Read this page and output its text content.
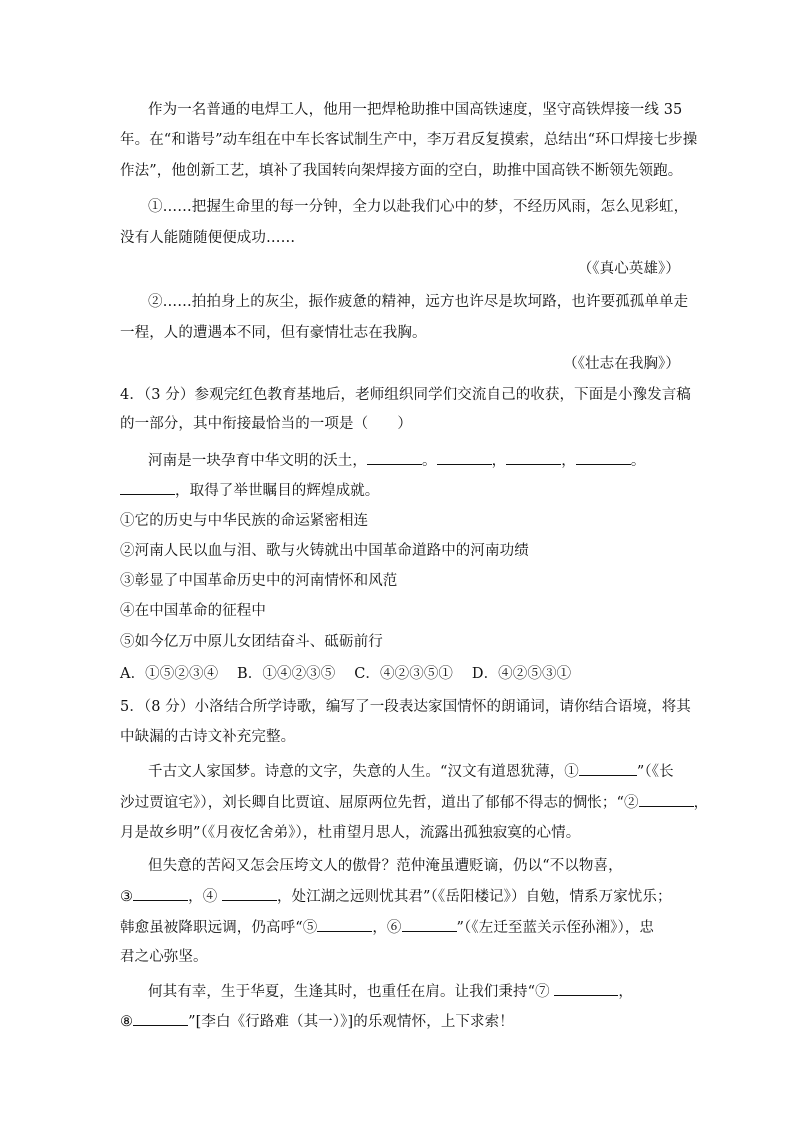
作为一名普通的电焊工人，他用一把焊枪助推中国高铁速度，坚守高铁焊接一线 35
年。在“和谐号”动车组在中车长客试制生产中，李万君反复摸索，总结出“环口焊接七步操
作法”，他创新工艺，填补了我国转向架焊接方面的空白，助推中国高铁不断领先领跑。
①……把握生命里的每一分钟，全力以赴我们心中的梦，不经历风雨，怎么见彩虹，
没有人能随随便便成功……
（《真心英雄》）
②……拍拍身上的灰尘，振作疲惫的精神，远方也许尽是坎坷路，也许要孤孤单单走
一程，人的遭遇本不同，但有豪情壮志在我胸。
（《壮志在我胸》）
4．（3 分）参观完红色教育基地后，老师组织同学们交流自己的收获，下面是小豫发言稿
的一部分，其中衔接最恰当的一项是（　　）
河南是一块孕育中华文明的沃土，	。	，	，	。
，取得了举世瞩目的辉煌成就。
①它的历史与中华民族的命运紧密相连
②河南人民以血与泪、歌与火铸就出中国革命道路中的河南功绩
③彰显了中国革命历史中的河南情怀和风范
④在中国革命的征程中
⑤如今亿万中原儿女团结奋斗、砥砺前行
A．①⑤②③④ B．①④②③⑤ C．④②③⑤① D．④②⑤③①
5．（8 分）小洛结合所学诗歌，编写了一段表达家国情怀的朗诵词，请你结合语境，将其
中缺漏的古诗文补充完整。
千古文人家国梦。诗意的文字，失意的人生。“汉文有道恩犹薄，①	”（《长
沙过贾谊宅》），刘长卿自比贾谊、屈原两位先哲，道出了郁郁不得志的惆怅；“②	，
月是故乡明”（《月夜忆舍弟》），杜甫望月思人，流露出孤独寂寞的心情。
但失意的苦闷又怎会压垮文人的傲骨？范仲淹虽遭贬谪，仍以“不以物喜，
③	，④	，处江湖之远则忧其君”（《岳阳楼记》）自勉，情系万家忧乐；
韩愈虽被降职远调，仍高呼“⑤	，⑥	”（《左迁至蓝关示侄孙湘》），忠
君之心弥坚。
何其有幸，生于华夏，生逢其时，也重任在肩。让我们秉持“⑦	，
⑧	”[李白《行路难（其一）》]的乐观情怀，上下求索！
